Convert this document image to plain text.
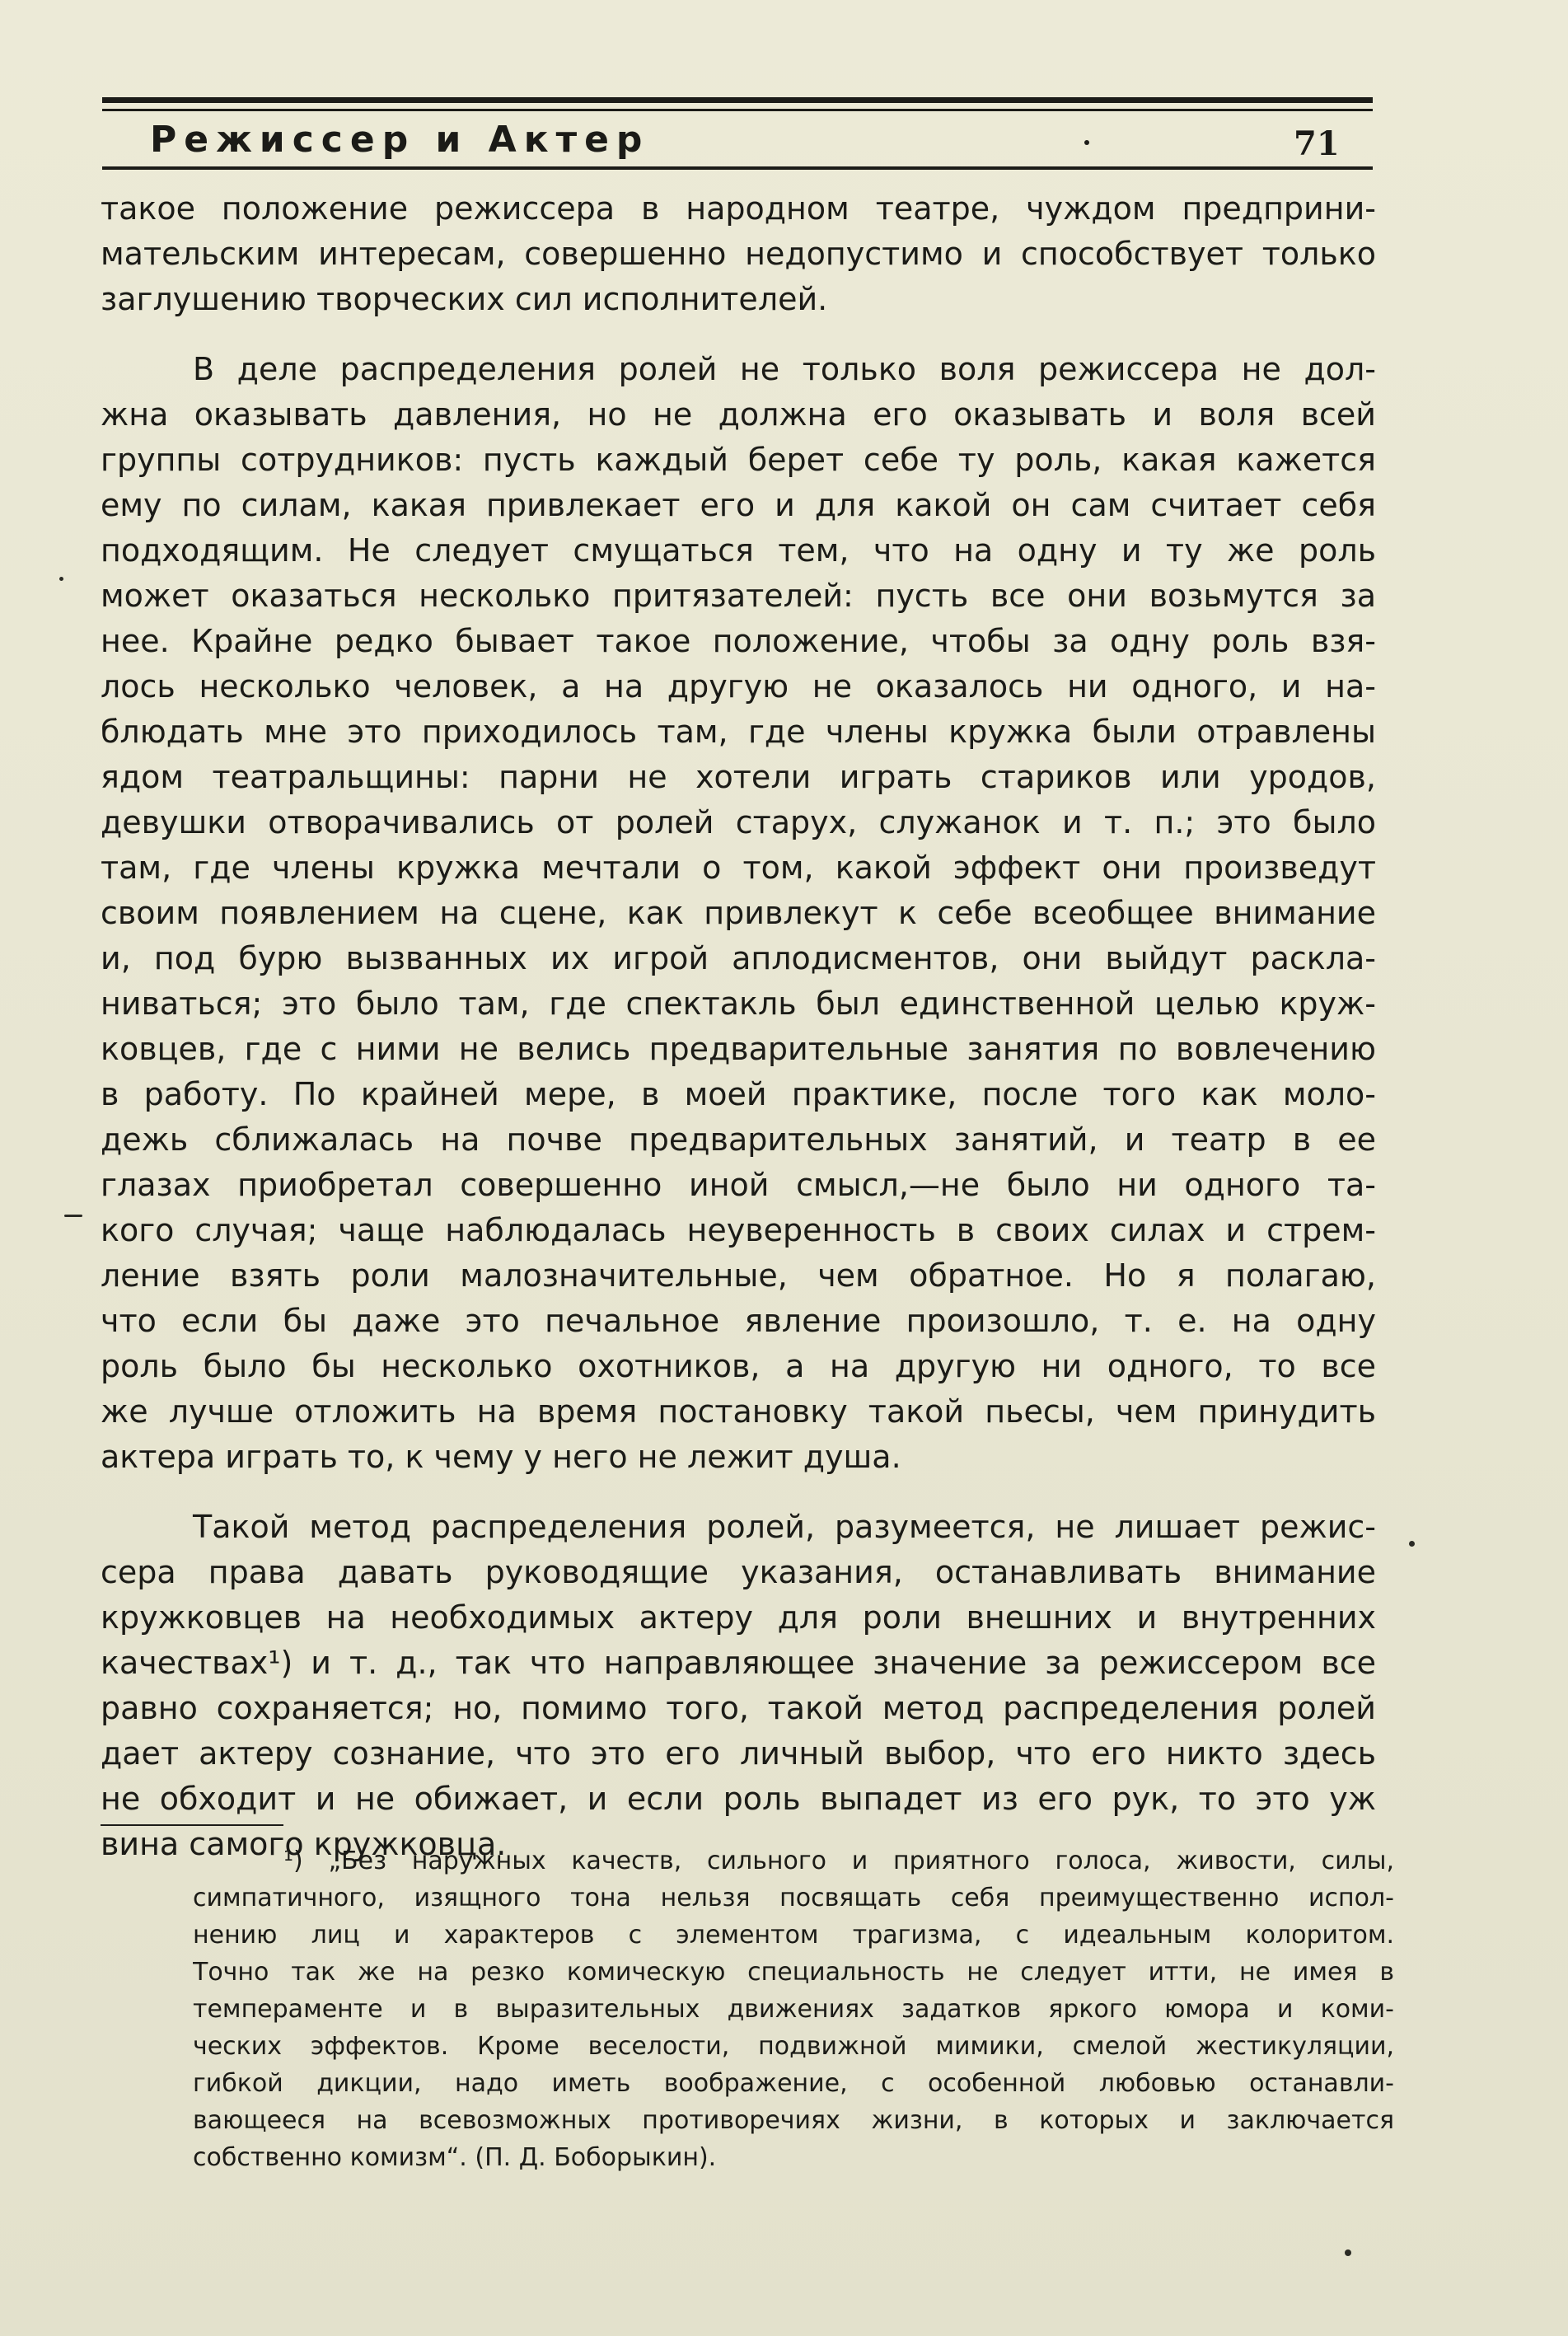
Режиссер и Актер	71
такое положение режиссера в народном театре, чуждом предприни-
мательским интересам, совершенно недопустимо и способствует только
заглушению творческих сил исполнителей.
В деле распределения ролей не только воля режиссера не дол-
жна оказывать давления, но не должна его оказывать и воля всей
группы сотрудников: пусть каждый берет себе ту роль, какая кажется
ему по силам, какая привлекает его и для какой он сам считает себя
подходящим. Не следует смущаться тем, что на одну и ту же роль
может оказаться несколько притязателей: пусть все они возьмутся за
нее. Крайне редко бывает такое положение, чтобы за одну роль взя-
лось несколько человек, а на другую не оказалось ни одного, и на-
блюдать мне это приходилось там, где члены кружка были отравлены
ядом театральщины: парни не хотели играть стариков или уродов,
девушки отворачивались от ролей старух, служанок и т. п.; это было
там, где члены кружка мечтали о том, какой эффект они произведут
своим появлением на сцене, как привлекут к себе всеобщее внимание
и, под бурю вызванных их игрой аплодисментов, они выйдут раскла-
ниваться; это было там, где спектакль был единственной целью круж-
ковцев, где с ними не велись предварительные занятия по вовлечению
в работу. По крайней мере, в моей практике, после того как моло-
дежь сближалась на почве предварительных занятий, и театр в ее
глазах приобретал совершенно иной смысл,—не было ни одного та-
кого случая; чаще наблюдалась неуверенность в своих силах и стрем-
ление взять роли малозначительные, чем обратное. Но я полагаю,
что если бы даже это печальное явление произошло, т. е. на одну
роль было бы несколько охотников, а на другую ни одного, то все
же лучше отложить на время постановку такой пьесы, чем принудить
актера играть то, к чему у него не лежит душа.
Такой метод распределения ролей, разумеется, не лишает режис-
сера права давать руководящие указания, останавливать внимание
кружковцев на необходимых актеру для роли внешних и внутренних
качествах¹) и т. д., так что направляющее значение за режиссером все
равно сохраняется; но, помимо того, такой метод распределения ролей
дает актеру сознание, что это его личный выбор, что его никто здесь
не обходит и не обижает, и если роль выпадет из его рук, то это уж
вина самого кружковца.
¹) „Без наружных качеств, сильного и приятного голоса, живости, силы,
симпатичного, изящного тона нельзя посвящать себя преимущественно испол-
нению лиц и характеров с элементом трагизма, с идеальным колоритом.
Точно так же на резко комическую специальность не следует итти, не имея в
темпераменте и в выразительных движениях задатков яркого юмора и коми-
ческих эффектов. Кроме веселости, подвижной мимики, смелой жестикуляции,
гибкой дикции, надо иметь воображение, с особенной любовью останавли-
вающееся на всевозможных противоречиях жизни, в которых и заключается
собственно комизм“. (П. Д. Боборыкин).
